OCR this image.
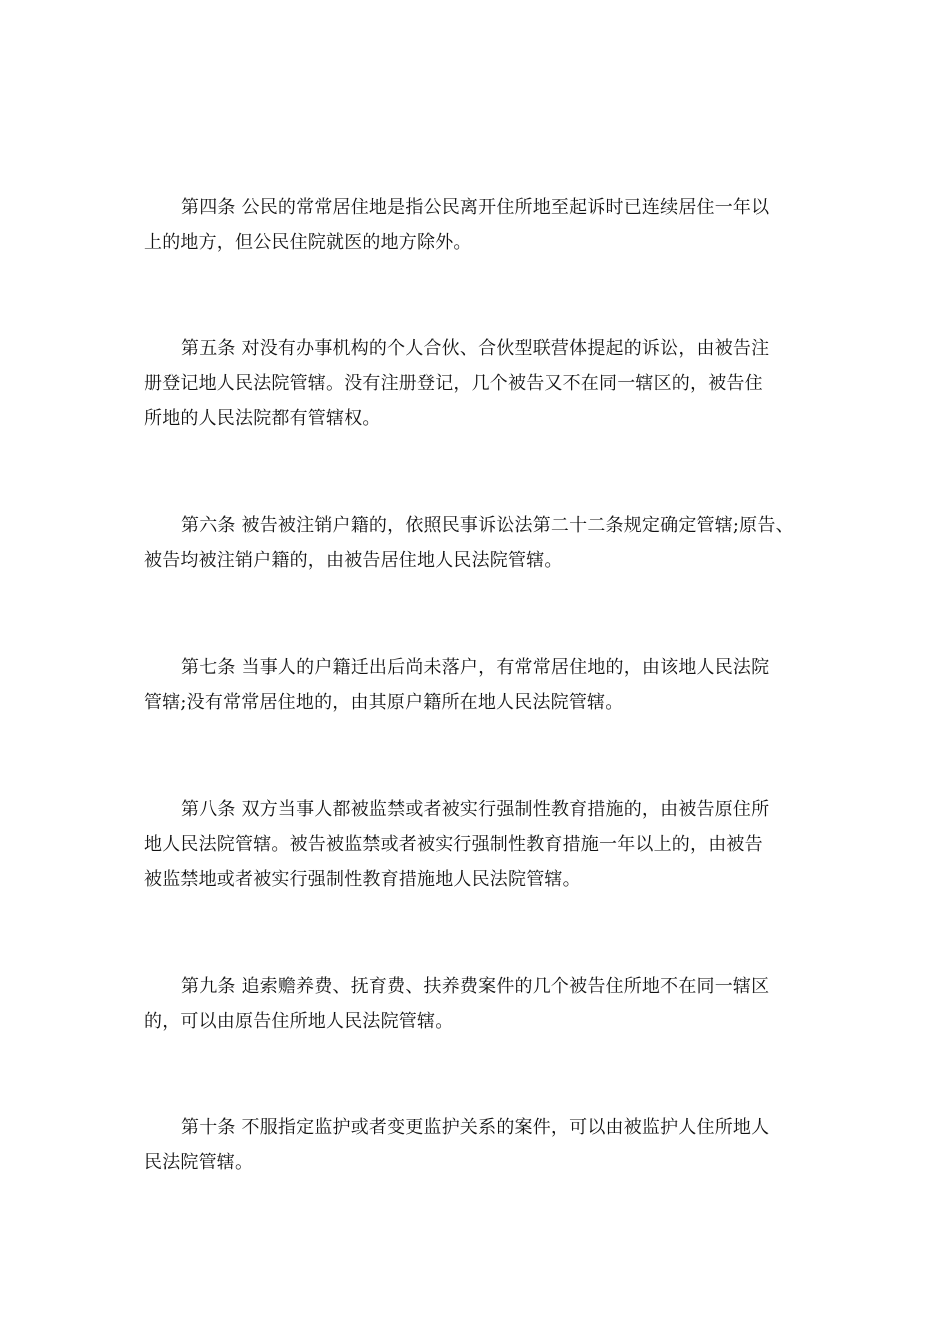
第四条 公民的常常居住地是指公民离开住所地至起诉时已连续居住一年以
上的地方，但公民住院就医的地方除外。

第五条 对没有办事机构的个人合伙、合伙型联营体提起的诉讼，由被告注
册登记地人民法院管辖。没有注册登记，几个被告又不在同一辖区的，被告住
所地的人民法院都有管辖权。

第六条 被告被注销户籍的，依照民事诉讼法第二十二条规定确定管辖;原告、
被告均被注销户籍的，由被告居住地人民法院管辖。

第七条 当事人的户籍迁出后尚未落户，有常常居住地的，由该地人民法院
管辖;没有常常居住地的，由其原户籍所在地人民法院管辖。

第八条 双方当事人都被监禁或者被实行强制性教育措施的，由被告原住所
地人民法院管辖。被告被监禁或者被实行强制性教育措施一年以上的，由被告
被监禁地或者被实行强制性教育措施地人民法院管辖。

第九条 追索赡养费、抚育费、扶养费案件的几个被告住所地不在同一辖区
的，可以由原告住所地人民法院管辖。

第十条 不服指定监护或者变更监护关系的案件，可以由被监护人住所地人
民法院管辖。
